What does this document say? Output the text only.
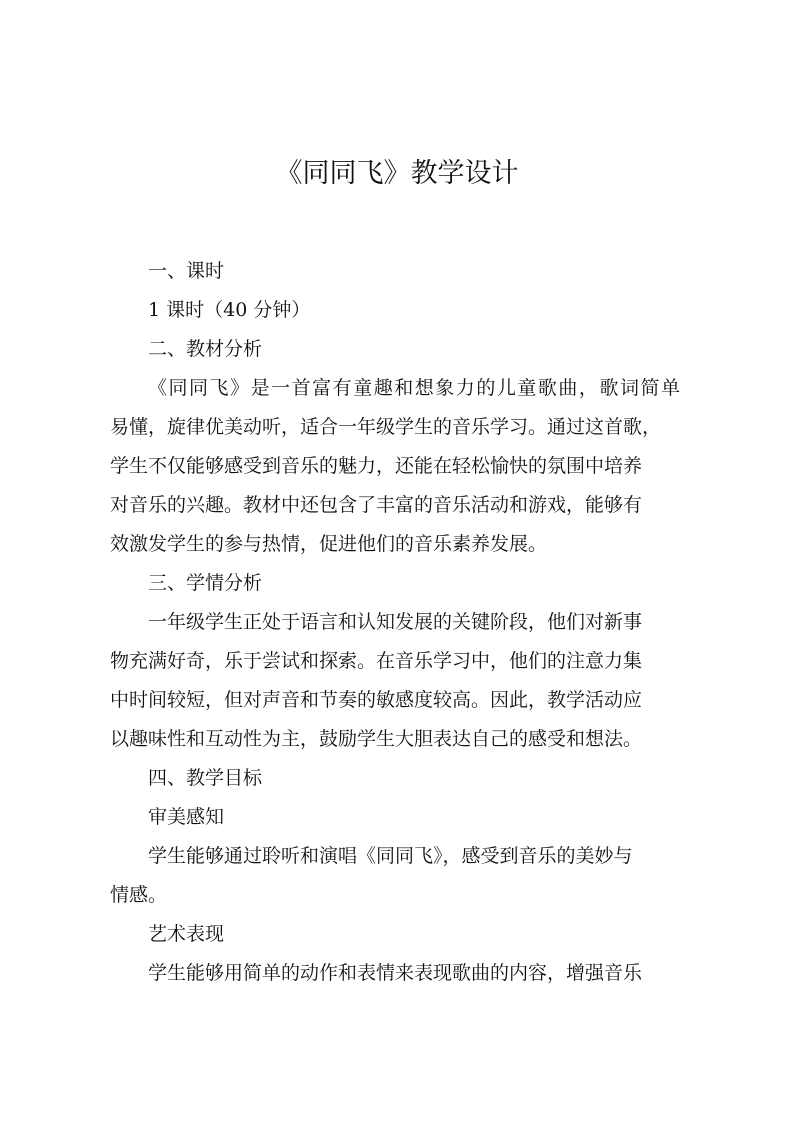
《同同飞》教学设计
一、课时
1 课时（40 分钟）
二、教材分析
《同同飞》是一首富有童趣和想象力的儿童歌曲，歌词简单
易懂，旋律优美动听，适合一年级学生的音乐学习。通过这首歌，
学生不仅能够感受到音乐的魅力，还能在轻松愉快的氛围中培养
对音乐的兴趣。教材中还包含了丰富的音乐活动和游戏，能够有
效激发学生的参与热情，促进他们的音乐素养发展。
三、学情分析
一年级学生正处于语言和认知发展的关键阶段，他们对新事
物充满好奇，乐于尝试和探索。在音乐学习中，他们的注意力集
中时间较短，但对声音和节奏的敏感度较高。因此，教学活动应
以趣味性和互动性为主，鼓励学生大胆表达自己的感受和想法。
四、教学目标
审美感知
学生能够通过聆听和演唱《同同飞》，感受到音乐的美妙与
情感。
艺术表现
学生能够用简单的动作和表情来表现歌曲的内容，增强音乐
